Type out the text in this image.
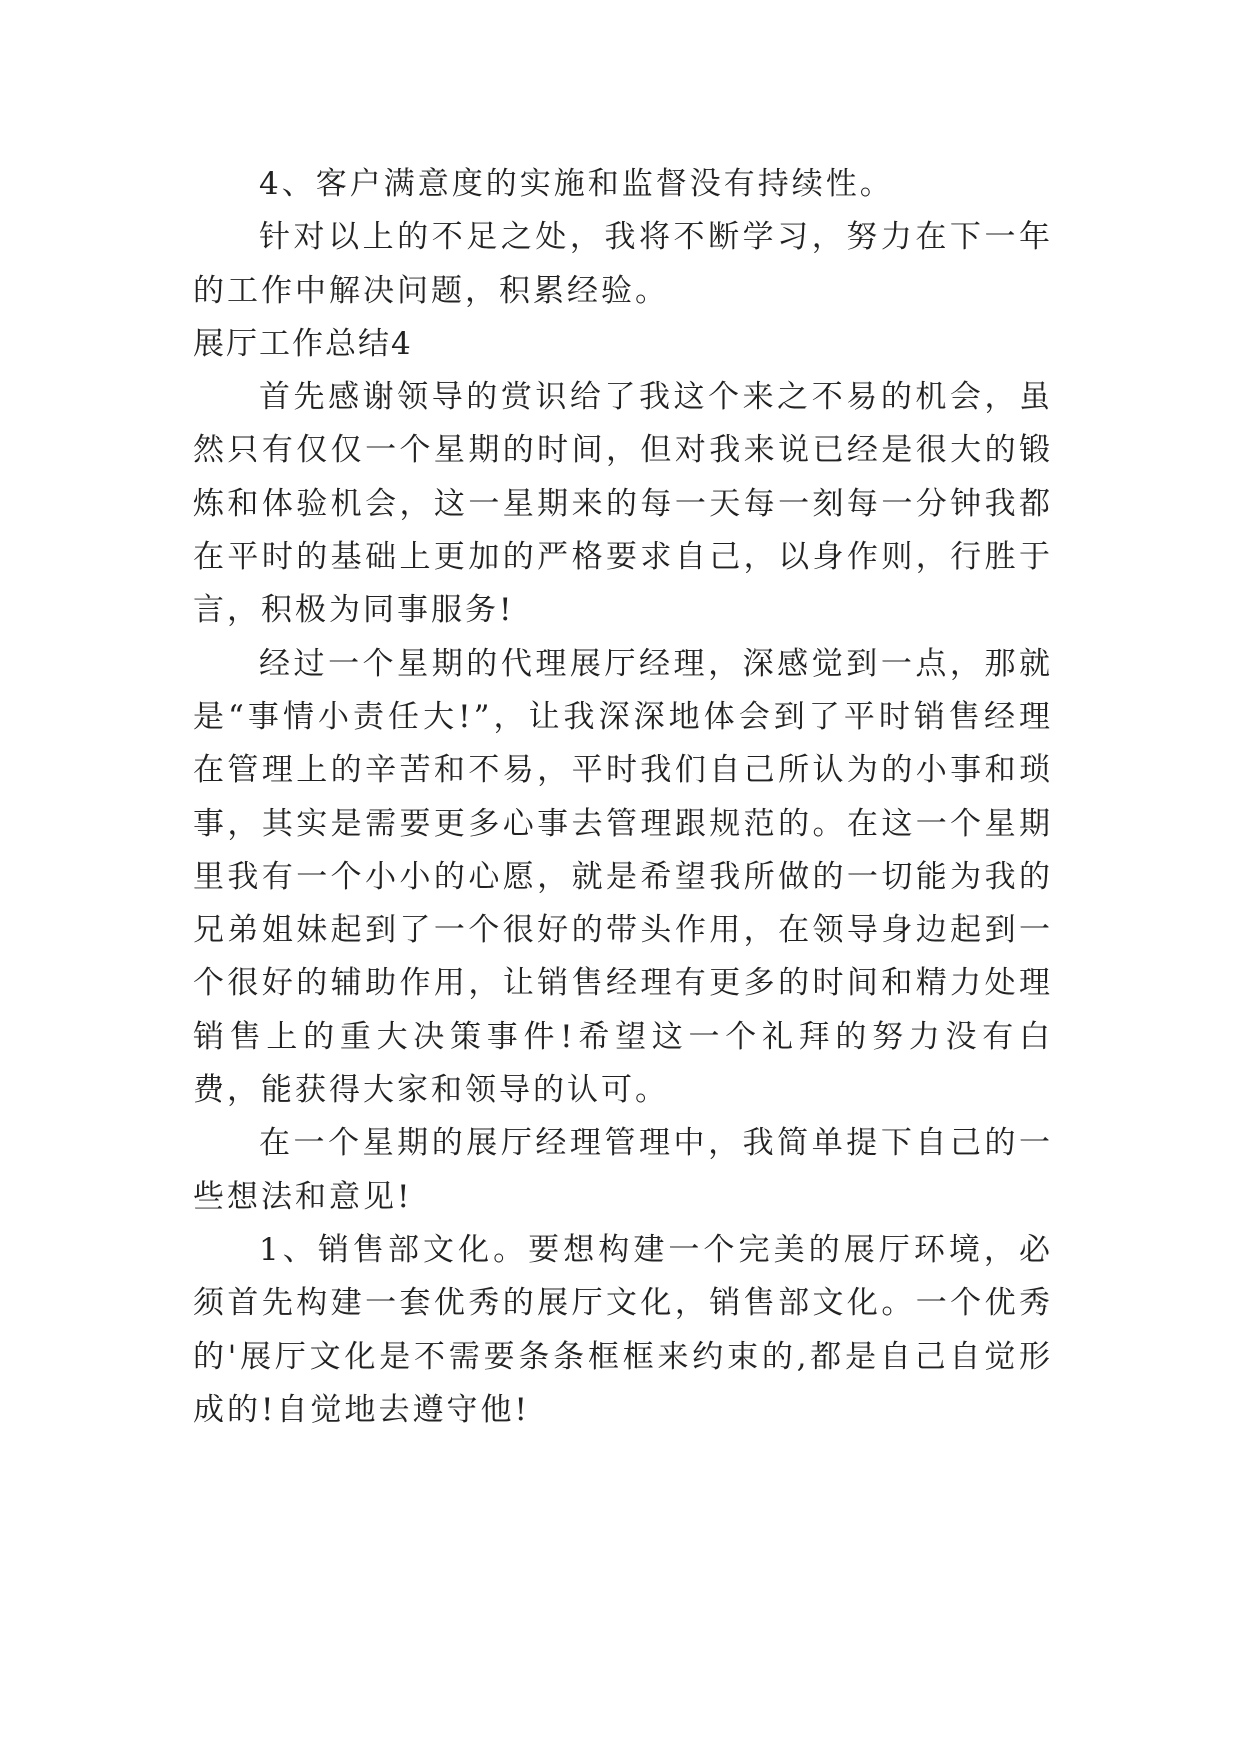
4、客户满意度的实施和监督没有持续性。

针对以上的不足之处，我将不断学习，努力在下一年的工作中解决问题，积累经验。

展厅工作总结4

首先感谢领导的赏识给了我这个来之不易的机会，虽然只有仅仅一个星期的时间，但对我来说已经是很大的锻炼和体验机会，这一星期来的每一天每一刻每一分钟我都在平时的基础上更加的严格要求自己，以身作则，行胜于言，积极为同事服务!

经过一个星期的代理展厅经理，深感觉到一点，那就是“事情小责任大!”，让我深深地体会到了平时销售经理在管理上的辛苦和不易，平时我们自己所认为的小事和琐事，其实是需要更多心事去管理跟规范的。在这一个星期里我有一个小小的心愿，就是希望我所做的一切能为我的兄弟姐妹起到了一个很好的带头作用，在领导身边起到一个很好的辅助作用，让销售经理有更多的时间和精力处理销售上的重大决策事件!希望这一个礼拜的努力没有白费，能获得大家和领导的认可。

在一个星期的展厅经理管理中，我简单提下自己的一些想法和意见!

1、销售部文化。要想构建一个完美的展厅环境，必须首先构建一套优秀的展厅文化，销售部文化。一个优秀的'展厅文化是不需要条条框框来约束的,都是自己自觉形成的!自觉地去遵守他!
